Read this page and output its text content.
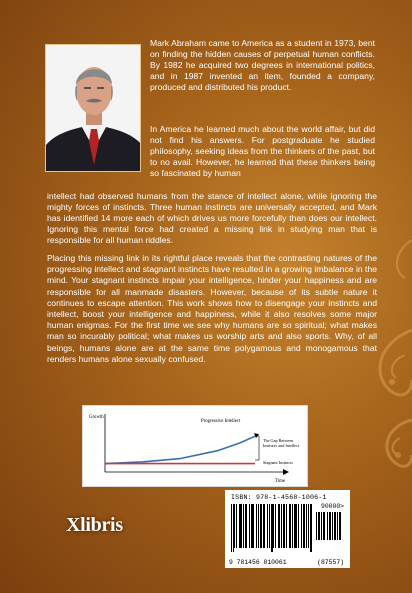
Mark Abraham came to America as a student in 1973, bent on finding the hidden causes of perpetual human conflicts. By 1982 he acquired two degrees in international politics, and in 1987 invented an item, founded a company, produced and distributed his product.
In America he learned much about the world affair, but did not find his answers. For postgraduate he studied philosophy, seeking ideas from the thinkers of the past, but to no avail. However, he learned that these thinkers being so fascinated by human
intellect had observed humans from the stance of intellect alone, while ignoring the mighty forces of instincts. Three human instincts are universally accepted, and Mark has identified 14 more each of which drives us more forcefully than does our intellect. Ignoring this mental force had created a missing link in studying man that is responsible for all human riddles.
Placing this missing link in its rightful place reveals that the contrasting natures of the progressing intellect and stagnant instincts have resulted in a growing imbalance in the mind. Your stagnant instincts impair your intelligence, hinder your happiness and are responsible for all manmade disasters. However, because of its subtle nature it continues to escape attention. This work shows how to disengage your instincts and intellect, boost your intelligence and happiness, while it also resolves some major human enigmas. For the first time we see why humans are so spiritual; what makes man so incurably political; what makes us worship arts and also sports. Why, of all beings, humans alone are at the same time polygamous and monogamous that renders humans alone sexually confused.
Growth
Time
Progressive Intellect
Stagnant Instincts
The Gap Between
Instincts and Intellect
ISBN: 978-1-4568-1006-1
90000>
9 781456 810061	(87557)
Xlibris
